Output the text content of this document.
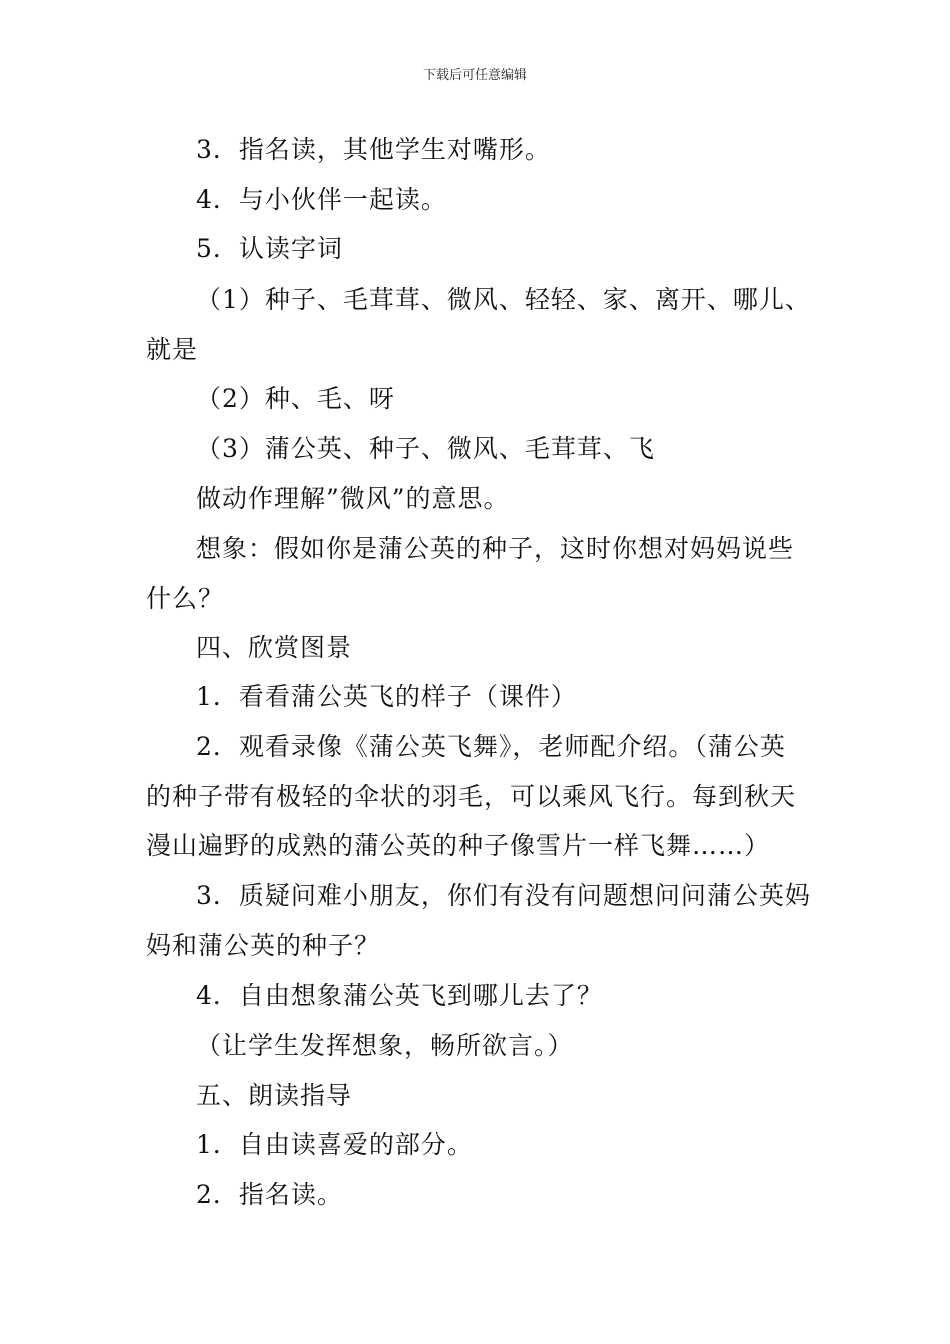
下载后可任意编辑
3．指名读，其他学生对嘴形。
4．与小伙伴一起读。
5．认读字词
（1）种子、毛茸茸、微风、轻轻、家、离开、哪儿、
就是
（2）种、毛、呀
（3）蒲公英、种子、微风、毛茸茸、飞
做动作理解”微风”的意思。
想象：假如你是蒲公英的种子，这时你想对妈妈说些
什么？
四、欣赏图景
1．看看蒲公英飞的样子（课件）
2．观看录像《蒲公英飞舞》，老师配介绍。（蒲公英
的种子带有极轻的伞状的羽毛，可以乘风飞行。每到秋天
漫山遍野的成熟的蒲公英的种子像雪片一样飞舞……）
3．质疑问难小朋友，你们有没有问题想问问蒲公英妈
妈和蒲公英的种子？
4．自由想象蒲公英飞到哪儿去了？
（让学生发挥想象，畅所欲言。）
五、朗读指导
1．自由读喜爱的部分。
2．指名读。
